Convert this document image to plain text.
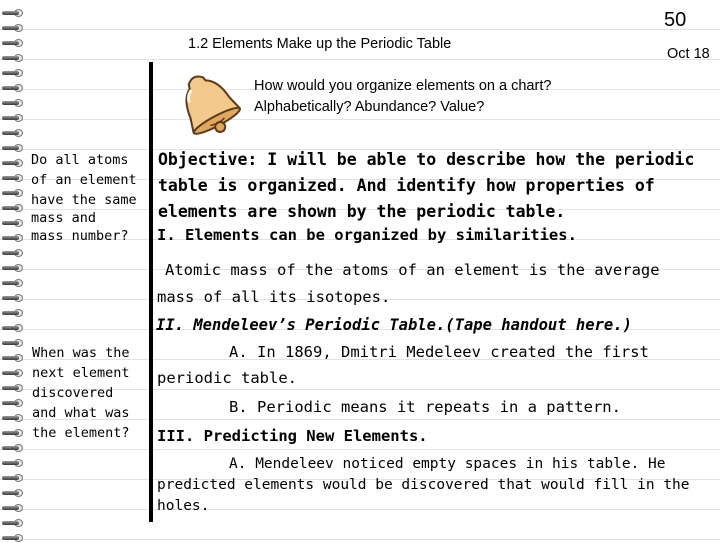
1.2 Elements Make up the Periodic Table
50
Oct 18
How would you organize elements on a chart? Alphabetically? Abundance? Value?
Do all atoms
of an element
have the same
mass and
mass number?
When was the
next element
discovered
and what was
the element?
Objective: I will be able to describe how the periodic
table is organized. And identify how properties of
elements are shown by the periodic table.
I. Elements can be organized by similarities.
Atomic mass of the atoms of an element is the average
mass of all its isotopes.
II. Mendeleev’s Periodic Table.(Tape handout here.)
A. In 1869, Dmitri Medeleev created the first
periodic table.
B. Periodic means it repeats in a pattern.
III. Predicting New Elements.
A. Mendeleev noticed empty spaces in his table. He
predicted elements would be discovered that would fill in the
holes.
